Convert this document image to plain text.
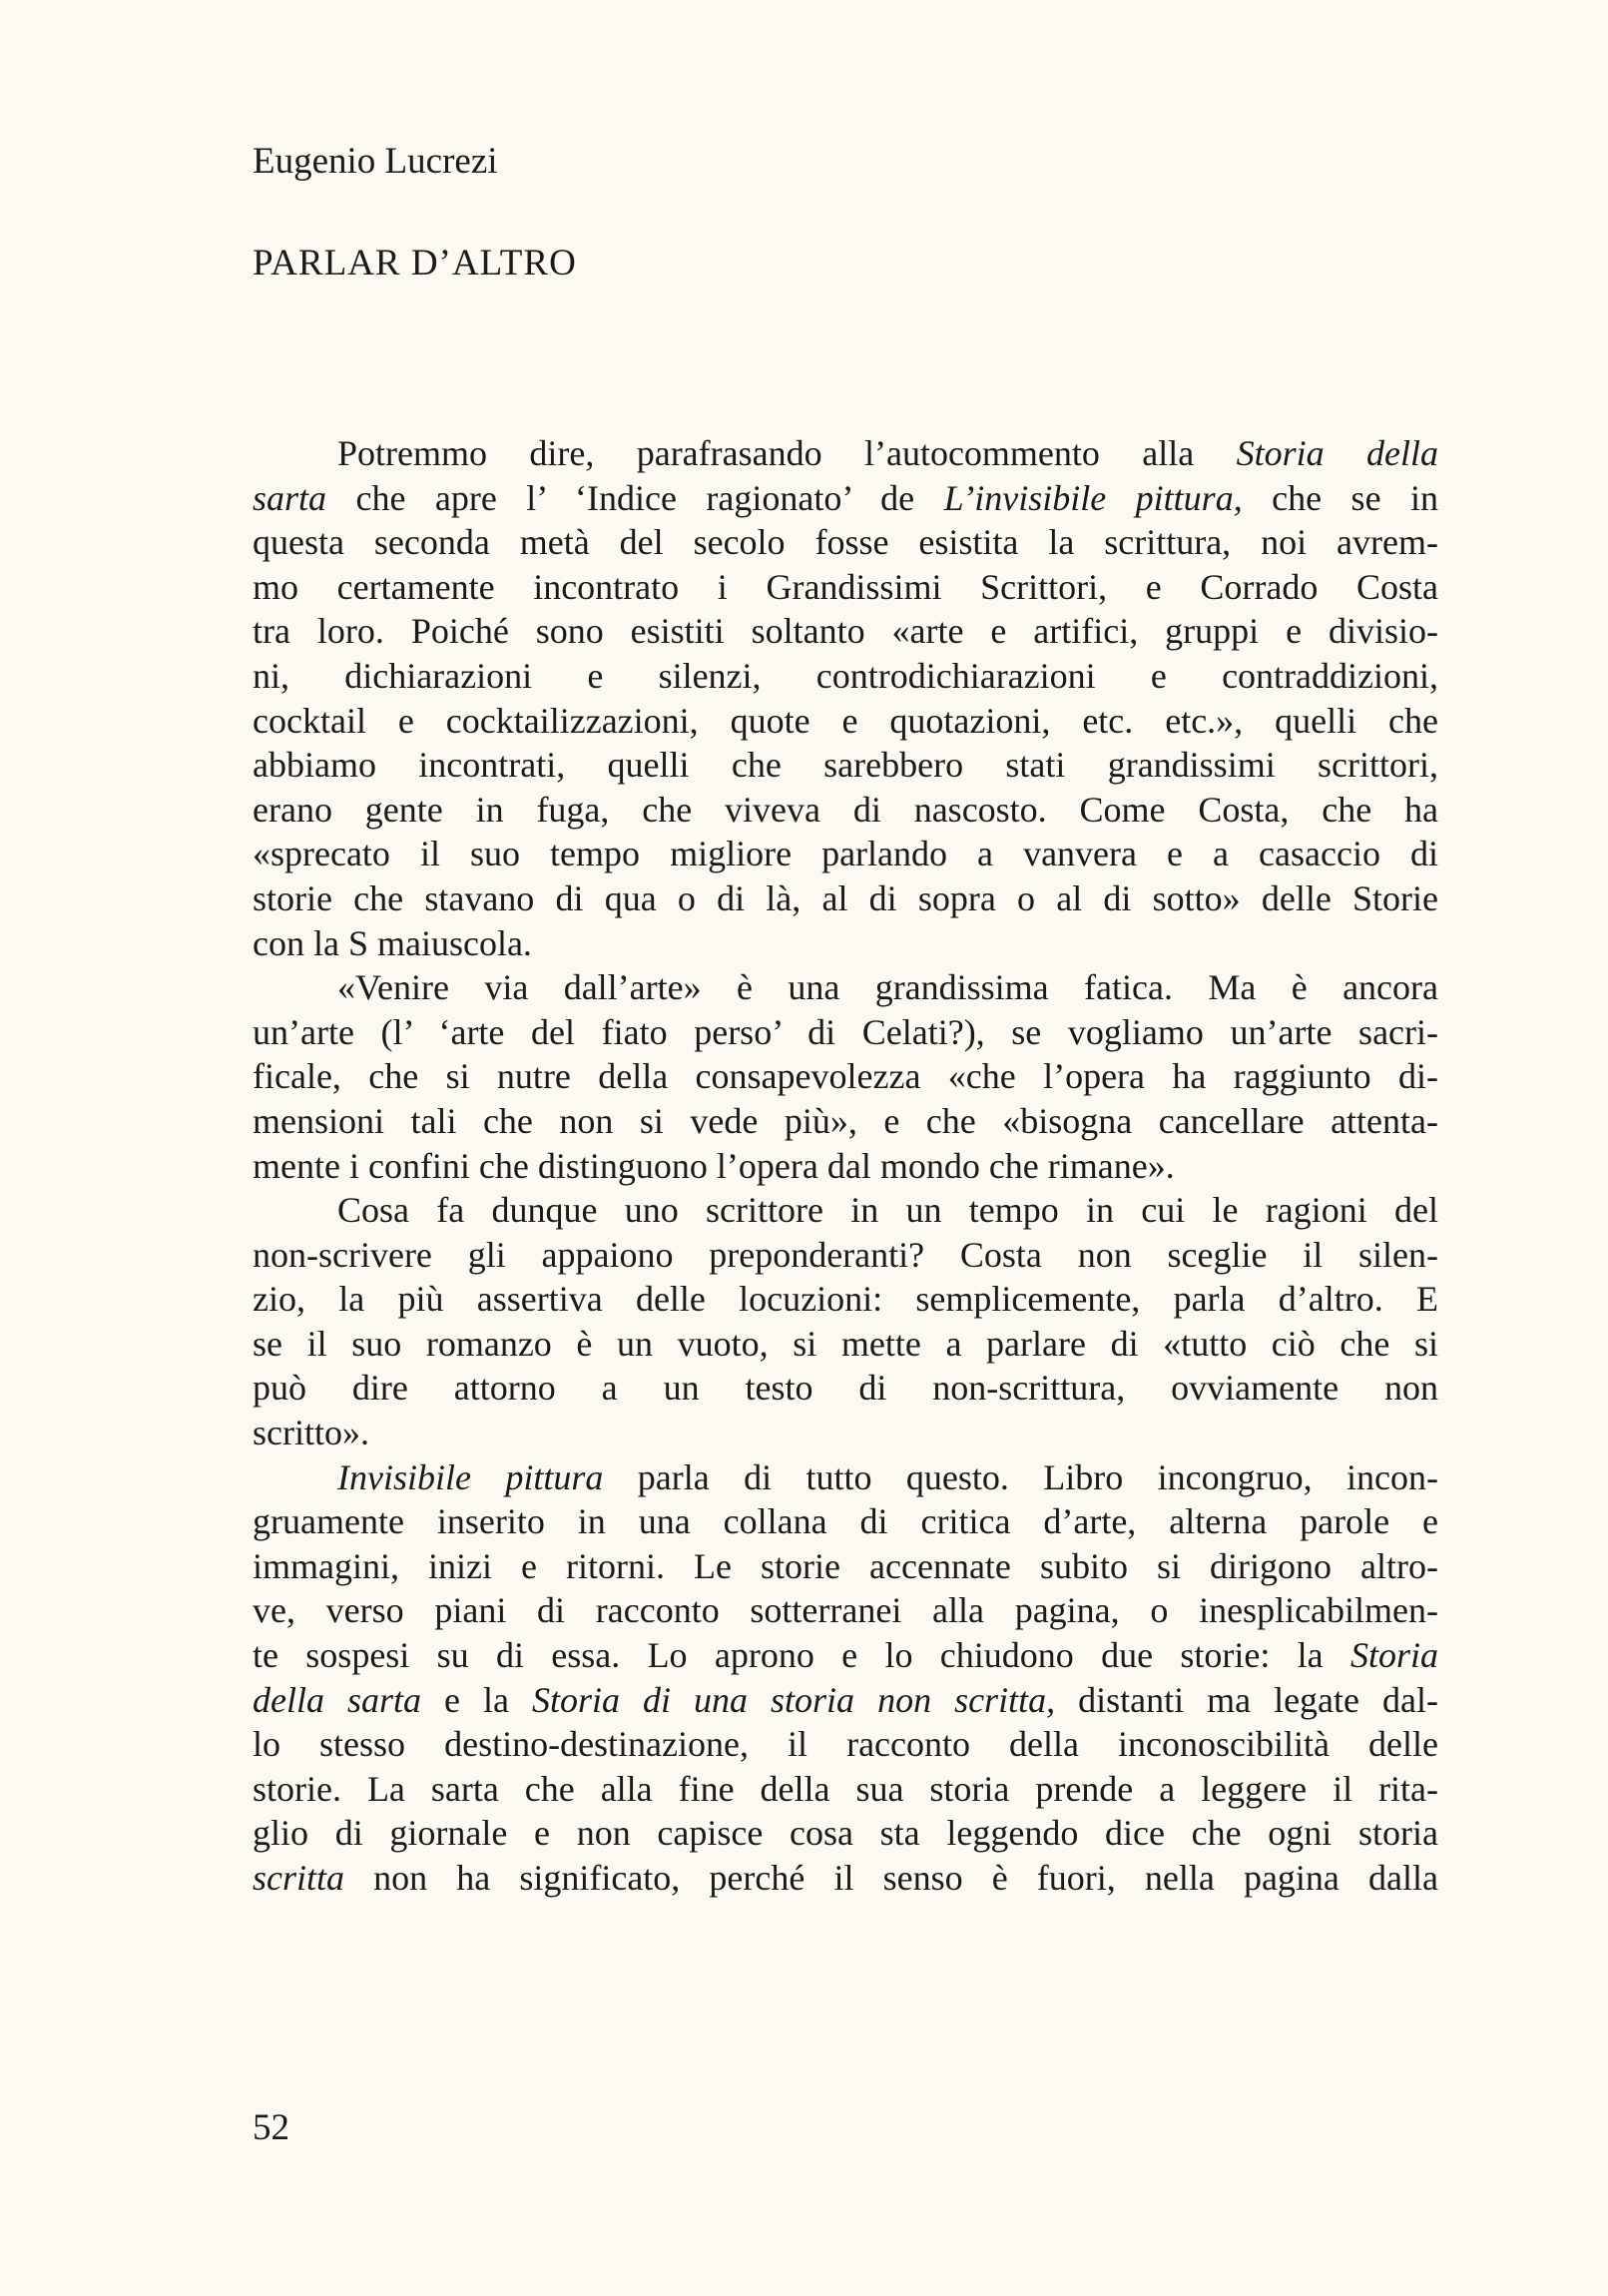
Eugenio Lucrezi

PARLAR D’ALTRO

Potremmo dire, parafrasando l’autocommento alla Storia della
sarta che apre l’ ‘Indice ragionato’ de L’invisibile pittura, che se in
questa seconda metà del secolo fosse esistita la scrittura, noi avrem-
mo certamente incontrato i Grandissimi Scrittori, e Corrado Costa
tra loro. Poiché sono esistiti soltanto «arte e artifici, gruppi e divisio-
ni, dichiarazioni e silenzi, controdichiarazioni e contraddizioni,
cocktail e cocktailizzazioni, quote e quotazioni, etc. etc.», quelli che
abbiamo incontrati, quelli che sarebbero stati grandissimi scrittori,
erano gente in fuga, che viveva di nascosto. Come Costa, che ha
«sprecato il suo tempo migliore parlando a vanvera e a casaccio di
storie che stavano di qua o di là, al di sopra o al di sotto» delle Storie
con la S maiuscola.

«Venire via dall’arte» è una grandissima fatica. Ma è ancora
un’arte (l’ ‘arte del fiato perso’ di Celati?), se vogliamo un’arte sacri-
ficale, che si nutre della consapevolezza «che l’opera ha raggiunto di-
mensioni tali che non si vede più», e che «bisogna cancellare attenta-
mente i confini che distinguono l’opera dal mondo che rimane».

Cosa fa dunque uno scrittore in un tempo in cui le ragioni del
non-scrivere gli appaiono preponderanti? Costa non sceglie il silen-
zio, la più assertiva delle locuzioni: semplicemente, parla d’altro. E
se il suo romanzo è un vuoto, si mette a parlare di «tutto ciò che si
può dire attorno a un testo di non-scrittura, ovviamente non
scritto».

Invisibile pittura parla di tutto questo. Libro incongruo, incon-
gruamente inserito in una collana di critica d’arte, alterna parole e
immagini, inizi e ritorni. Le storie accennate subito si dirigono altro-
ve, verso piani di racconto sotterranei alla pagina, o inesplicabilmen-
te sospesi su di essa. Lo aprono e lo chiudono due storie: la Storia
della sarta e la Storia di una storia non scritta, distanti ma legate dal-
lo stesso destino-destinazione, il racconto della inconoscibilità delle
storie. La sarta che alla fine della sua storia prende a leggere il rita-
glio di giornale e non capisce cosa sta leggendo dice che ogni storia
scritta non ha significato, perché il senso è fuori, nella pagina dalla

52
